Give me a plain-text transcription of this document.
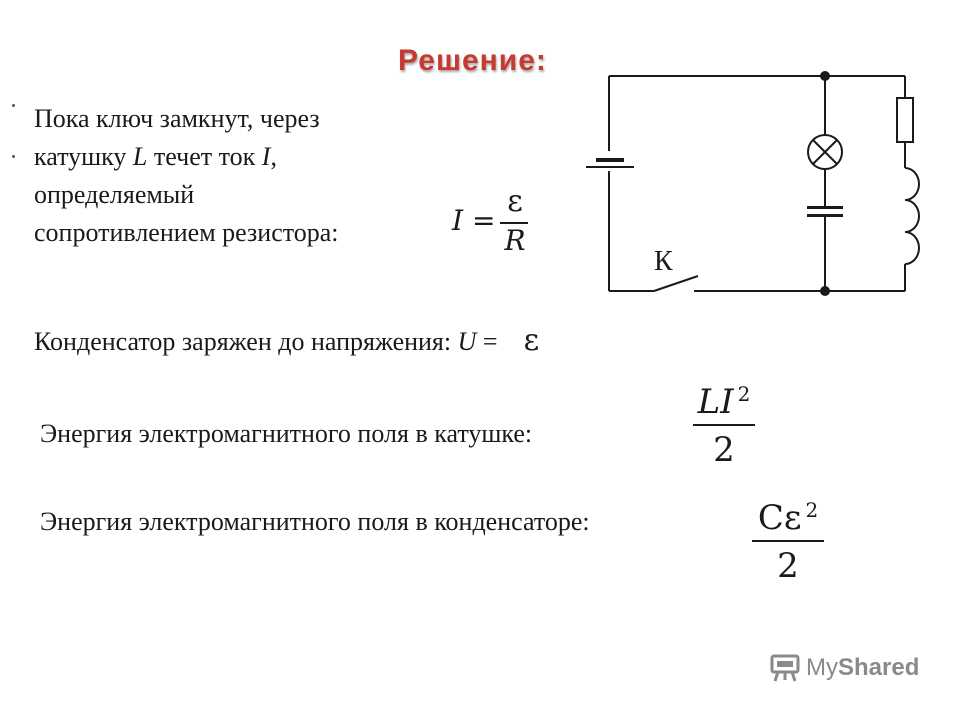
Решение:
Пока ключ замкнут, через
катушку L течет ток I,
определяемый
сопротивлением резистора:	I =
ε
R
Конденсатор заряжен до напряжения: U = ε
Энергия электромагнитного поля в катушке:
LI $^2$
2
Энергия электромагнитного поля в конденсаторе:	Cε $^2$
2
К
My Shared
